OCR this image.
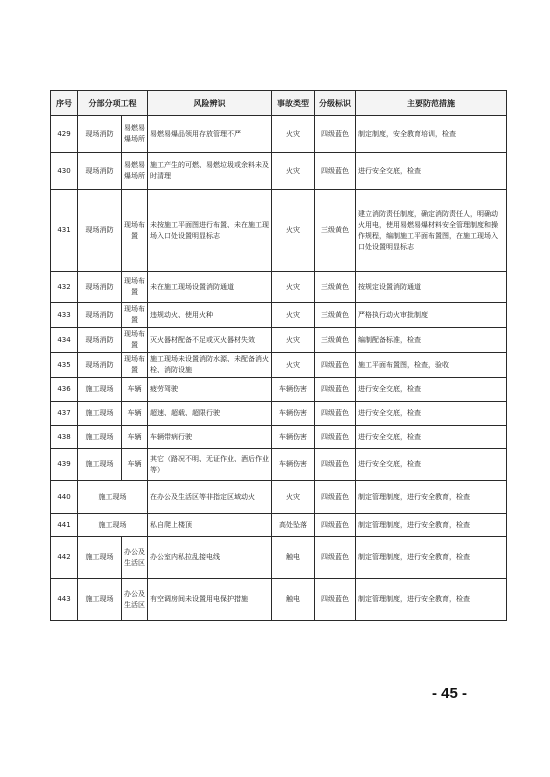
序号	分部分项工程		风险辨识	事故类型	分级标识	主要防范措施
429	现场消防	易燃易爆场所	易燃易爆品领用存放管理不严	火灾	四级蓝色	制定制度，安全教育培训，检查
430	现场消防	易燃易爆场所	施工产生的可燃、易燃垃圾或余料未及时清理	火灾	四级蓝色	进行安全交底，检查
431	现场消防	现场布置	未按施工平面图进行布置、未在施工现场入口处设置明显标志	火灾	三级黄色	建立消防责任制度，确定消防责任人，明确动火用电，使用易燃易爆材料安全管理制度和操作规程，编制施工平面布置图，在施工现场入口处设置明显标志
432	现场消防	现场布置	未在施工现场设置消防通道	火灾	三级黄色	按规定设置消防通道
433	现场消防	现场布置	违规动火、使用火种	火灾	三级黄色	严格执行动火审批制度
434	现场消防	现场布置	灭火器材配备不足或灭火器材失效	火灾	三级黄色	编制配备标准，检查
435	现场消防	现场布置	施工现场未设置消防水源、未配备消火栓、消防设施	火灾	四级蓝色	施工平面布置图，检查，验收
436	施工现场	车辆	疲劳驾驶	车辆伤害	四级蓝色	进行安全交底，检查
437	施工现场	车辆	超速、超载、超限行驶	车辆伤害	四级蓝色	进行安全交底，检查
438	施工现场	车辆	车辆带病行驶	车辆伤害	四级蓝色	进行安全交底，检查
439	施工现场	车辆	其它（路况不明、无证作业、酒后作业等）	车辆伤害	四级蓝色	进行安全交底，检查
440	施工现场		在办公及生活区等非指定区域动火	火灾	四级蓝色	制定管理制度，进行安全教育，检查
441	施工现场		私自爬上楼顶	高处坠落	四级蓝色	制定管理制度，进行安全教育，检查
442	施工现场	办公及生活区	办公室内私拉乱接电线	触电	四级蓝色	制定管理制度，进行安全教育，检查
443	施工现场	办公及生活区	有空调房间未设置用电保护措施	触电	四级蓝色	制定管理制度，进行安全教育，检查
- 45 -
